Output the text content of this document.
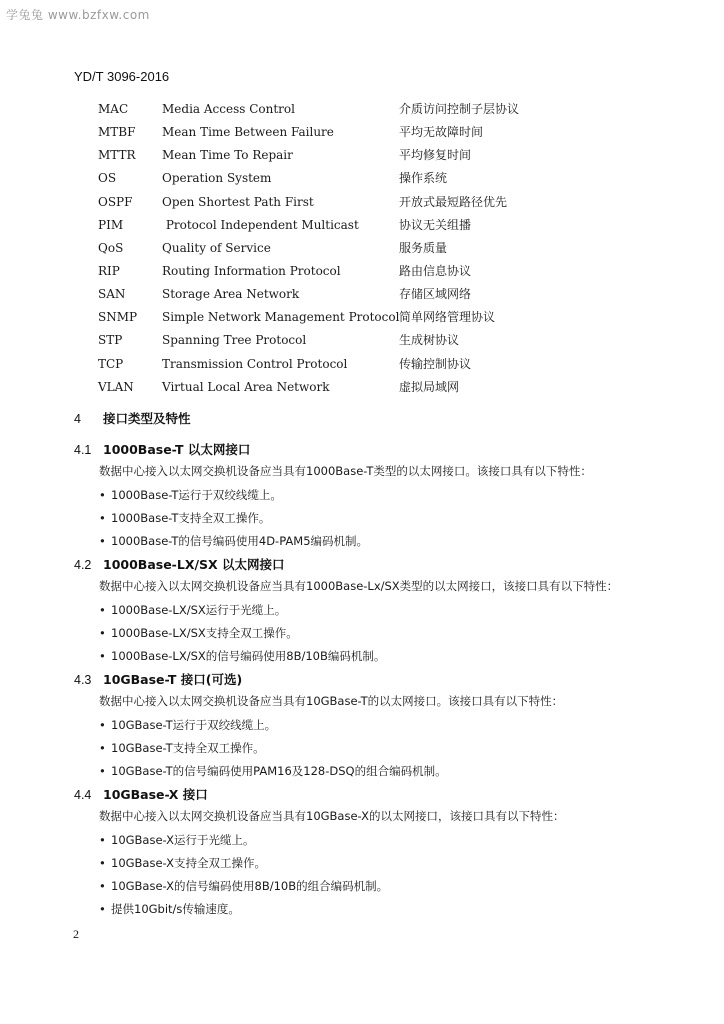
学兔兔 www.bzfxw.com
YD/T 3096-2016
MAC	Media Access Control	介质访问控制子层协议
MTBF Mean Time Between Failure	平均无故障时间
MTTR Mean Time To Repair	平均修复时间
OS	Operation System	操作系统
OSPF Open Shortest Path First	开放式最短路径优先
PIM	Protocol Independent Multicast	协议无关组播
QoS	Quality of Service	服务质量
RIP	Routing Information Protocol	路由信息协议
SAN	Storage Area Network	存储区域网络
SNMP Simple Network Management Protocol 简单网络管理协议
STP	Spanning Tree Protocol	生成树协议
TCP	Transmission Control Protocol	传输控制协议
VLAN Virtual Local Area Network	虚拟局域网
4 接口类型及特性
4.1 1000Base-T 以太网接口
数据中心接入以太网交换机设备应当具有1000Base-T类型的以太网接口。该接口具有以下特性：
• 1000Base-T运行于双绞线缆上。
• 1000Base-T支持全双工操作。
• 1000Base-T的信号编码使用4D-PAM5编码机制。
4.2 1000Base-LX/SX 以太网接口
数据中心接入以太网交换机设备应当具有1000Base-Lx/SX类型的以太网接口，该接口具有以下特性：
• 1000Base-LX/SX运行于光缆上。
• 1000Base-LX/SX支持全双工操作。
• 1000Base-LX/SX的信号编码使用8B/10B编码机制。
4.3 10GBase-T 接口(可选)
数据中心接入以太网交换机设备应当具有10GBase-T的以太网接口。该接口具有以下特性：
• 10GBase-T运行于双绞线缆上。
• 10GBase-T支持全双工操作。
• 10GBase-T的信号编码使用PAM16及128-DSQ的组合编码机制。
4.4 10GBase-X 接口
数据中心接入以太网交换机设备应当具有10GBase-X的以太网接口，该接口具有以下特性：
• 10GBase-X运行于光缆上。
• 10GBase-X支持全双工操作。
• 10GBase-X的信号编码使用8B/10B的组合编码机制。
• 提供10Gbit/s传输速度。
2
